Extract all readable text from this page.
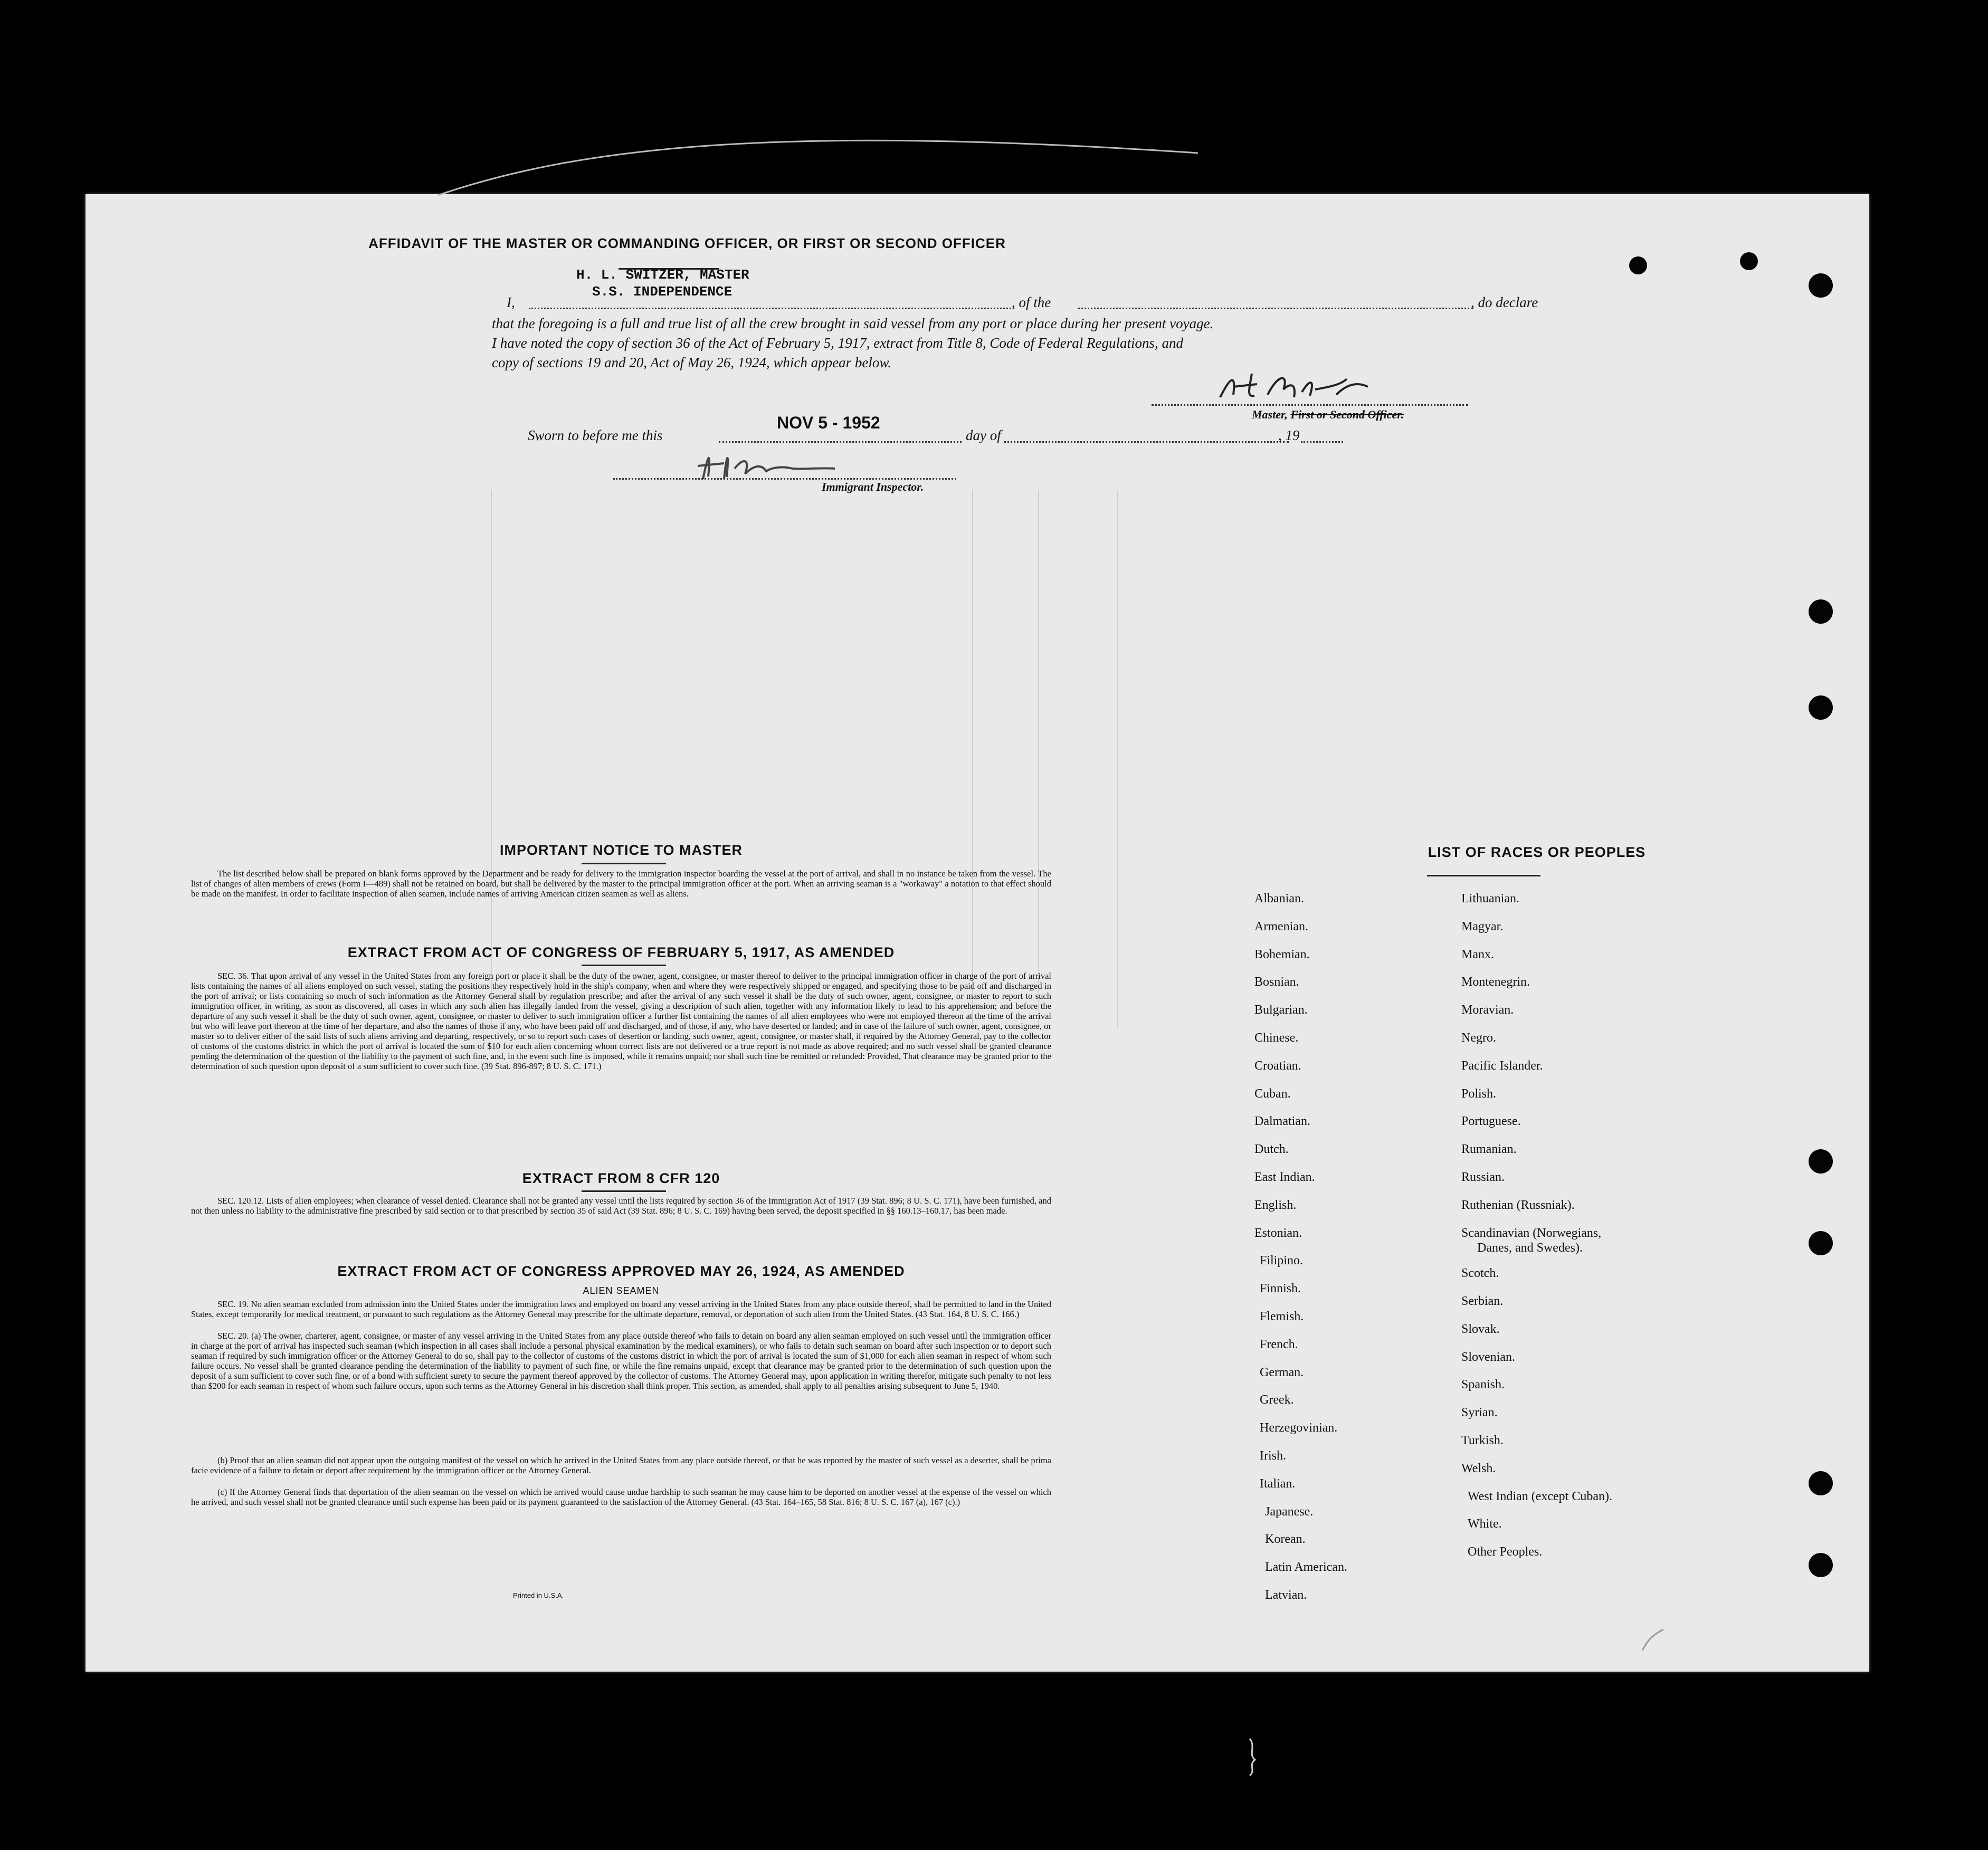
AFFIDAVIT OF THE MASTER OR COMMANDING OFFICER, OR FIRST OR SECOND OFFICER
H. L. SWITZER, MASTER
S.S. INDEPENDENCE
I,	, of the	, do declare
that the foregoing is a full and true list of all the crew brought in said vessel from any port or place during her present voyage.
I have noted the copy of section 36 of the Act of February 5, 1917, extract from Title 8, Code of Federal Regulations, and
copy of sections 19 and 20, Act of May 26, 1924, which appear below.
Master, First or Second Officer.
Sworn to before me this
NOV 5 - 1952
day of	, 19
Immigrant Inspector.
IMPORTANT NOTICE TO MASTER
The list described below shall be prepared on blank forms approved by the Department and be ready for delivery to the immigration inspector boarding the vessel at the port of arrival, and shall in no instance be taken from the vessel. The list of changes of alien members of crews (Form I—489) shall not be retained on board, but shall be delivered by the master to the principal immigration officer at the port. When an arriving seaman is a "workaway" a notation to that effect should be made on the manifest. In order to facilitate inspection of alien seamen, include names of arriving American citizen seamen as well as aliens.
EXTRACT FROM ACT OF CONGRESS OF FEBRUARY 5, 1917, AS AMENDED
SEC. 36. That upon arrival of any vessel in the United States from any foreign port or place it shall be the duty of the owner, agent, consignee, or master thereof to deliver to the principal immigration officer in charge of the port of arrival lists containing the names of all aliens employed on such vessel, stating the positions they respectively hold in the ship's company, when and where they were respectively shipped or engaged, and specifying those to be paid off and discharged in the port of arrival; or lists containing so much of such information as the Attorney General shall by regulation prescribe; and after the arrival of any such vessel it shall be the duty of such owner, agent, consignee, or master to report to such immigration officer, in writing, as soon as discovered, all cases in which any such alien has illegally landed from the vessel, giving a description of such alien, together with any information likely to lead to his apprehension; and before the departure of any such vessel it shall be the duty of such owner, agent, consignee, or master to deliver to such immigration officer a further list containing the names of all alien employees who were not employed thereon at the time of the arrival but who will leave port thereon at the time of her departure, and also the names of those if any, who have been paid off and discharged, and of those, if any, who have deserted or landed; and in case of the failure of such owner, agent, consignee, or master so to deliver either of the said lists of such aliens arriving and departing, respectively, or so to report such cases of desertion or landing, such owner, agent, consignee, or master shall, if required by the Attorney General, pay to the collector of customs of the customs district in which the port of arrival is located the sum of $10 for each alien concerning whom correct lists are not delivered or a true report is not made as above required; and no such vessel shall be granted clearance pending the determination of the question of the liability to the payment of such fine, and, in the event such fine is imposed, while it remains unpaid; nor shall such fine be remitted or refunded: Provided, That clearance may be granted prior to the determination of such question upon deposit of a sum sufficient to cover such fine. (39 Stat. 896-897; 8 U. S. C. 171.)
EXTRACT FROM 8 CFR 120
SEC. 120.12. Lists of alien employees; when clearance of vessel denied. Clearance shall not be granted any vessel until the lists required by section 36 of the Immigration Act of 1917 (39 Stat. 896; 8 U. S. C. 171), have been furnished, and not then unless no liability to the administrative fine prescribed by said section or to that prescribed by section 35 of said Act (39 Stat. 896; 8 U. S. C. 169) having been served, the deposit specified in §§ 160.13–160.17, has been made.
EXTRACT FROM ACT OF CONGRESS APPROVED MAY 26, 1924, AS AMENDED
ALIEN SEAMEN
SEC. 19. No alien seaman excluded from admission into the United States under the immigration laws and employed on board any vessel arriving in the United States from any place outside thereof, shall be permitted to land in the United States, except temporarily for medical treatment, or pursuant to such regulations as the Attorney General may prescribe for the ultimate departure, removal, or deportation of such alien from the United States. (43 Stat. 164, 8 U. S. C. 166.)
SEC. 20. (a) The owner, charterer, agent, consignee, or master of any vessel arriving in the United States from any place outside thereof who fails to detain on board any alien seaman employed on such vessel until the immigration officer in charge at the port of arrival has inspected such seaman (which inspection in all cases shall include a personal physical examination by the medical examiners), or who fails to detain such seaman on board after such inspection or to deport such seaman if required by such immigration officer or the Attorney General to do so, shall pay to the collector of customs of the customs district in which the port of arrival is located the sum of $1,000 for each alien seaman in respect of whom such failure occurs. No vessel shall be granted clearance pending the determination of the liability to payment of such fine, or while the fine remains unpaid, except that clearance may be granted prior to the determination of such question upon the deposit of a sum sufficient to cover such fine, or of a bond with sufficient surety to secure the payment thereof approved by the collector of customs. The Attorney General may, upon application in writing therefor, mitigate such penalty to not less than $200 for each seaman in respect of whom such failure occurs, upon such terms as the Attorney General in his discretion shall think proper. This section, as amended, shall apply to all penalties arising subsequent to June 5, 1940.
(b) Proof that an alien seaman did not appear upon the outgoing manifest of the vessel on which he arrived in the United States from any place outside thereof, or that he was reported by the master of such vessel as a deserter, shall be prima facie evidence of a failure to detain or deport after requirement by the immigration officer or the Attorney General.
(c) If the Attorney General finds that deportation of the alien seaman on the vessel on which he arrived would cause undue hardship to such seaman he may cause him to be deported on another vessel at the expense of the vessel on which he arrived, and such vessel shall not be granted clearance until such expense has been paid or its payment guaranteed to the satisfaction of the Attorney General. (43 Stat. 164–165, 58 Stat. 816; 8 U. S. C. 167 (a), 167 (c).)
Printed in U.S.A.
LIST OF RACES OR PEOPLES
Albanian.
Armenian.
Bohemian.
Bosnian.
Bulgarian.
Chinese.
Croatian.
Cuban.
Dalmatian.
Dutch.
East Indian.
English.
Estonian.
Filipino.
Finnish.
Flemish.
French.
German.
Greek.
Herzegovinian.
Irish.
Italian.
Japanese.
Korean.
Latin American.
Latvian.
Lithuanian.
Magyar.
Manx.
Montenegrin.
Moravian.
Negro.
Pacific Islander.
Polish.
Portuguese.
Rumanian.
Russian.
Ruthenian (Russniak).
Scandinavian (Norwegians,
Danes, and Swedes).
Scotch.
Serbian.
Slovak.
Slovenian.
Spanish.
Syrian.
Turkish.
Welsh.
West Indian (except Cuban).
White.
Other Peoples.
